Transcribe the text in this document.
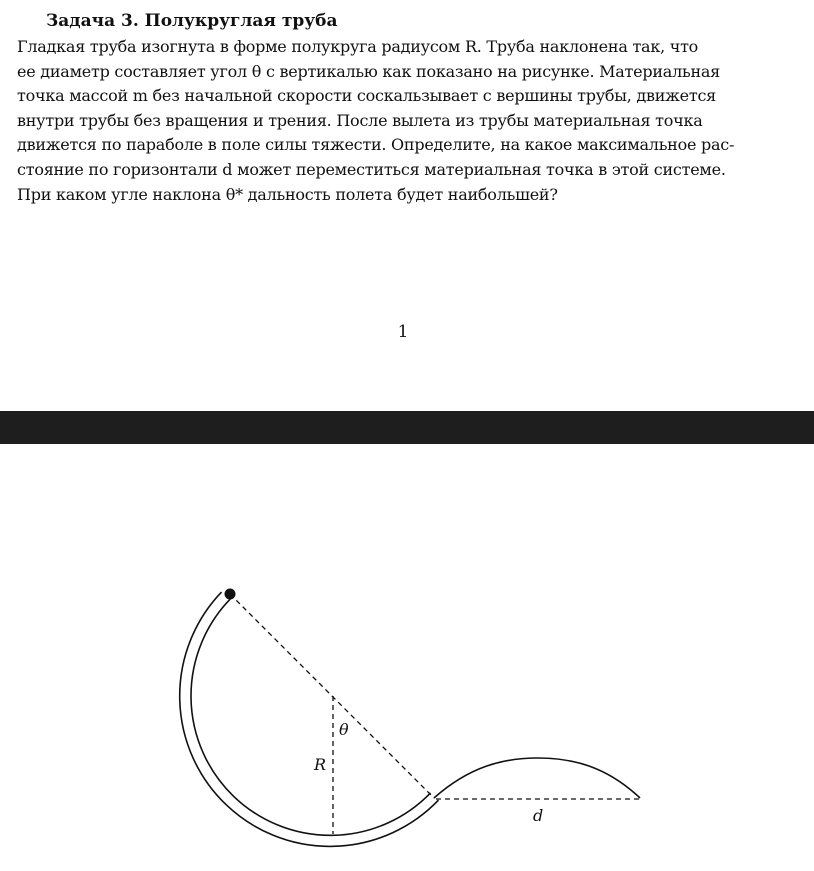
Задача 3. Полукруглая труба
Гладкая труба изогнута в форме полукруга радиусом R. Труба наклонена так, что
ее диаметр составляет угол θ с вертикалью как показано на рисунке. Материальная
точка массой m без начальной скорости соскальзывает с вершины трубы, движется
внутри трубы без вращения и трения. После вылета из трубы материальная точка
движется по параболе в поле силы тяжести. Определите, на какое максимальное рас-
стояние по горизонтали d может переместиться материальная точка в этой системе.
При каком угле наклона θ* дальность полета будет наибольшей?
1
θ
R
d
